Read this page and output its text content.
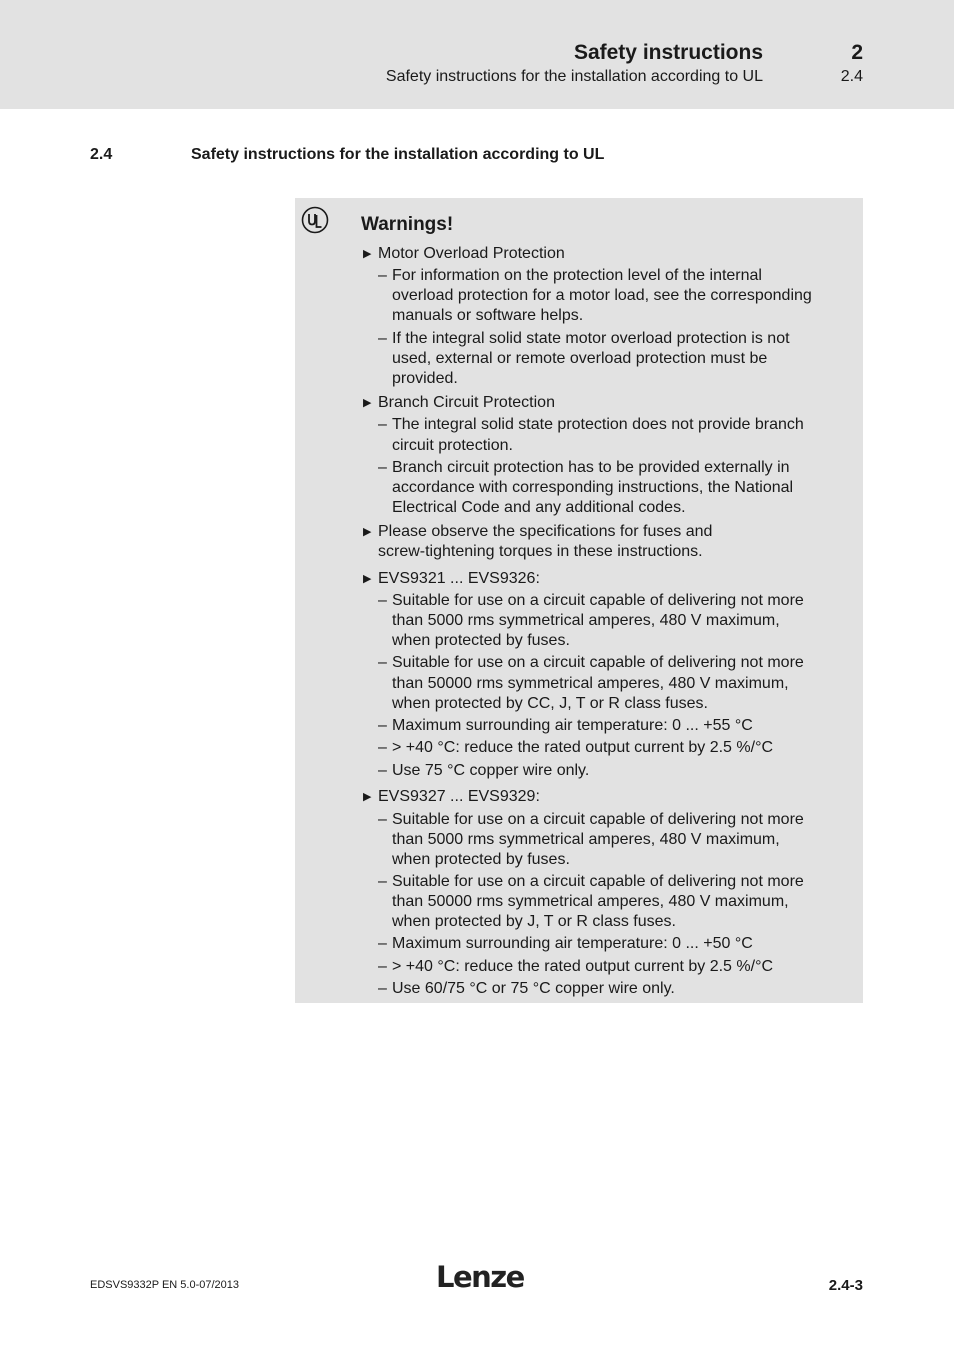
Safety instructions
Safety instructions for the installation according to UL
2
2.4
2.4	Safety instructions for the installation according to UL
Warnings!
▶ Motor Overload Protection
– For information on the protection level of the internal
overload protection for a motor load, see the corresponding
manuals or software helps.
– If the integral solid state motor overload protection is not
used, external or remote overload protection must be
provided.
▶ Branch Circuit Protection
– The integral solid state protection does not provide branch
circuit protection.
– Branch circuit protection has to be provided externally in
accordance with corresponding instructions, the National
Electrical Code and any additional codes.
▶ Please observe the specifications for fuses and
screw-tightening torques in these instructions.
▶ EVS9321 ... EVS9326:
– Suitable for use on a circuit capable of delivering not more
than 5000 rms symmetrical amperes, 480 V maximum,
when protected by fuses.
– Suitable for use on a circuit capable of delivering not more
than 50000 rms symmetrical amperes, 480 V maximum,
when protected by CC, J, T or R class fuses.
– Maximum surrounding air temperature: 0 ... +55 °C
– > +40 °C: reduce the rated output current by 2.5 %/°C
– Use 75 °C copper wire only.
▶ EVS9327 ... EVS9329:
– Suitable for use on a circuit capable of delivering not more
than 5000 rms symmetrical amperes, 480 V maximum,
when protected by fuses.
– Suitable for use on a circuit capable of delivering not more
than 50000 rms symmetrical amperes, 480 V maximum,
when protected by J, T or R class fuses.
– Maximum surrounding air temperature: 0 ... +50 °C
– > +40 °C: reduce the rated output current by 2.5 %/°C
– Use 60/75 °C or 75 °C copper wire only.
EDSVS9332P EN 5.0-07/2013	Lenze	2.4-3
